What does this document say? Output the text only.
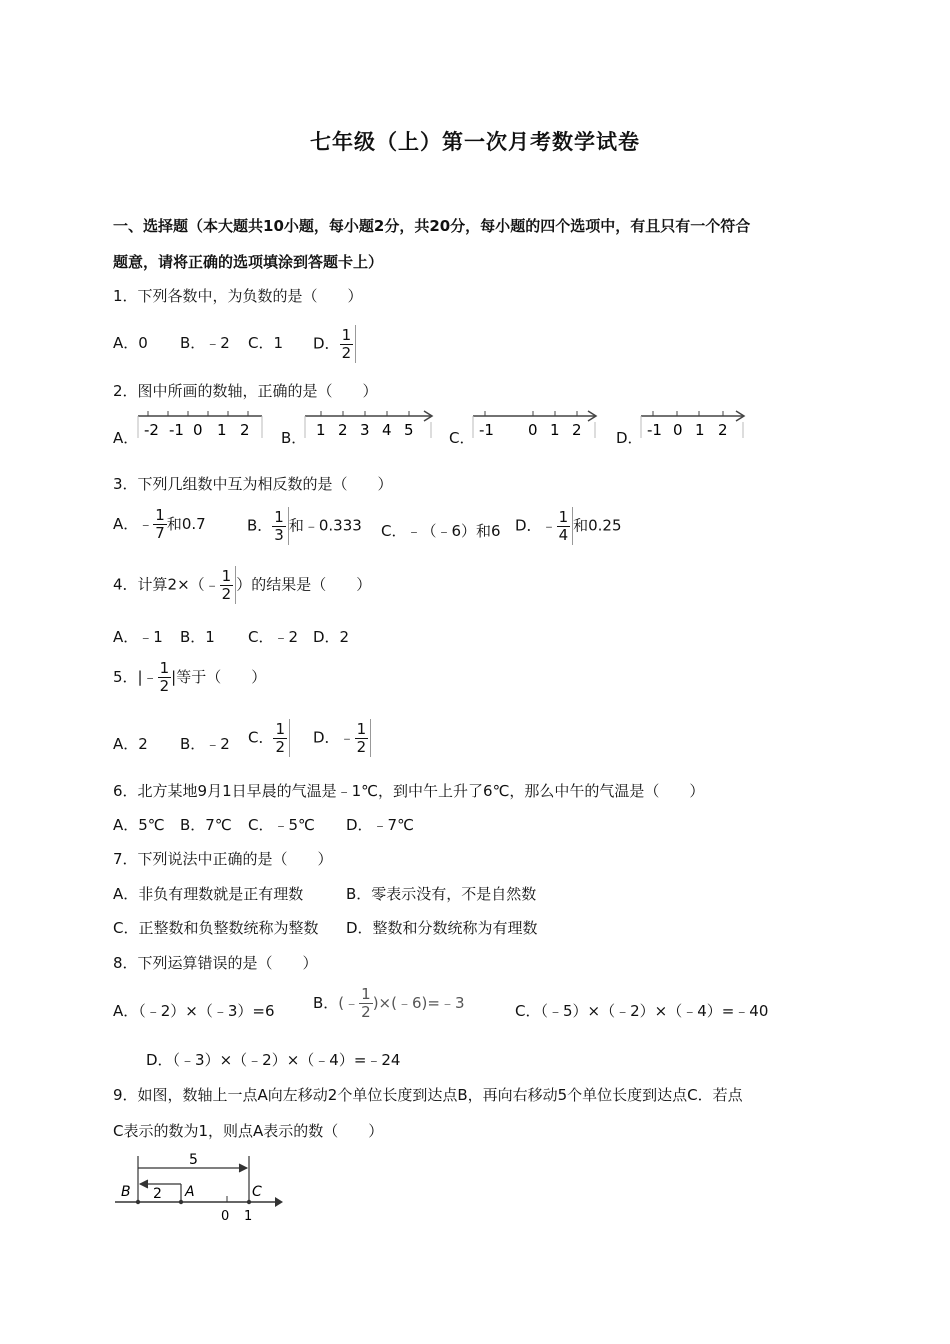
七年级（上）第一次月考数学试卷
一、选择题（本大题共10小题，每小题2分，共20分，每小题的四个选项中，有且只有一个符合
题意，请将正确的选项填涂到答题卡上）
1．下列各数中，为负数的是（　　）
A．0 B．﹣2 C．1 D． $\frac{1}{2}$
2．图中所画的数轴，正确的是（　　）
A． -2 -1 0 1 2 B． 1 2 3 4 5 C． -1 0 1 2 D． -1 0 1 2
3．下列几组数中互为相反数的是（　　）
A．﹣ $\frac{1}{7}$ 和0.7	B． $\frac{1}{3}$ 和﹣0.333 C．﹣（﹣6）和6 D．﹣ $\frac{1}{4}$ 和0.25
4．计算2×（﹣ $\frac{1}{2}$ ）的结果是（　　）
A．﹣1 B．1 C．﹣2 D．2
5．|﹣ $\frac{1}{2}$ |等于（　　）
A．2 B．﹣2 C． $\frac{1}{2}$ D．﹣ $\frac{1}{2}$
6．北方某地9月1日早晨的气温是﹣1℃，到中午上升了6℃，那么中午的气温是（　　）
A．5℃ B．7℃ C．﹣5℃ D．﹣7℃
7．下列说法中正确的是（　　）
A．非负有理数就是正有理数	B．零表示没有，不是自然数
C．正整数和负整数统称为整数 D．整数和分数统称为有理数
8．下列运算错误的是（　　）
A．（﹣2）×（﹣3）=6	B．(﹣ $\frac{1}{2}$ )×(﹣6)=﹣3	C．（﹣5）×（﹣2）×（﹣4）=﹣40
D．（﹣3）×（﹣2）×（﹣4）=﹣24
9．如图，数轴上一点A向左移动2个单位长度到达点B，再向右移动5个单位长度到达点C．若点
C表示的数为1，则点A表示的数（　　）
5
2
B	A	C
0 1
